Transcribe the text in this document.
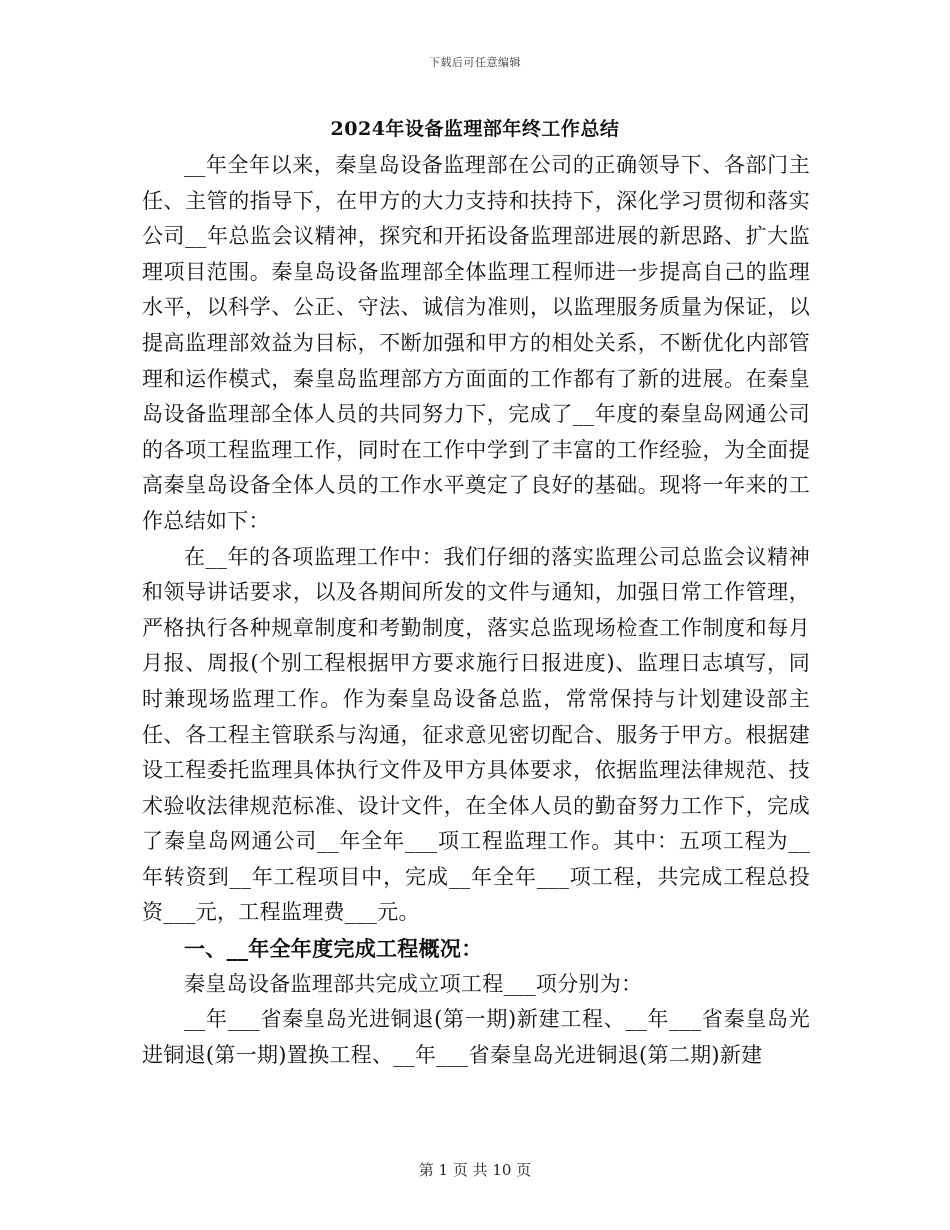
下载后可任意编辑
2024年设备监理部年终工作总结

__年全年以来，秦皇岛设备监理部在公司的正确领导下、各部门主任、主管的指导下，在甲方的大力支持和扶持下，深化学习贯彻和落实公司__年总监会议精神，探究和开拓设备监理部进展的新思路、扩大监理项目范围。秦皇岛设备监理部全体监理工程师进一步提高自己的监理水平，以科学、公正、守法、诚信为准则，以监理服务质量为保证，以提高监理部效益为目标，不断加强和甲方的相处关系，不断优化内部管理和运作模式，秦皇岛监理部方方面面的工作都有了新的进展。在秦皇岛设备监理部全体人员的共同努力下，完成了__年度的秦皇岛网通公司的各项工程监理工作，同时在工作中学到了丰富的工作经验，为全面提高秦皇岛设备全体人员的工作水平奠定了良好的基础。现将一年来的工作总结如下：

在__年的各项监理工作中：我们仔细的落实监理公司总监会议精神和领导讲话要求，以及各期间所发的文件与通知，加强日常工作管理，严格执行各种规章制度和考勤制度，落实总监现场检查工作制度和每月月报、周报(个别工程根据甲方要求施行日报进度)、监理日志填写，同时兼现场监理工作。作为秦皇岛设备总监，常常保持与计划建设部主任、各工程主管联系与沟通，征求意见密切配合、服务于甲方。根据建设工程委托监理具体执行文件及甲方具体要求，依据监理法律规范、技术验收法律规范标准、设计文件，在全体人员的勤奋努力工作下，完成了秦皇岛网通公司__年全年___项工程监理工作。其中：五项工程为__年转资到__年工程项目中，完成__年全年___项工程，共完成工程总投资___元，工程监理费___元。

一、__年全年度完成工程概况：

秦皇岛设备监理部共完成立项工程___项分别为：

__年___省秦皇岛光进铜退(第一期)新建工程、__年___省秦皇岛光进铜退(第一期)置换工程、__年___省秦皇岛光进铜退(第二期)新建

第 1 页 共 10 页
